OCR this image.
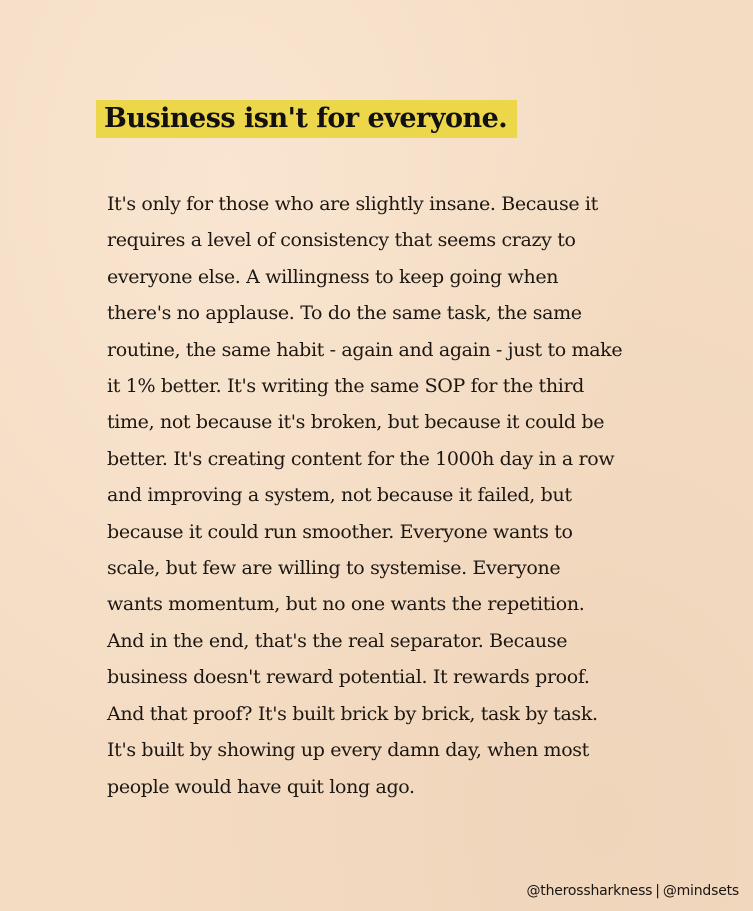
Business isn't for everyone.
It's only for those who are slightly insane. Because it
requires a level of consistency that seems crazy to
everyone else. A willingness to keep going when
there's no applause. To do the same task, the same
routine, the same habit - again and again - just to make
it 1% better. It's writing the same SOP for the third
time, not because it's broken, but because it could be
better. It's creating content for the 1000h day in a row
and improving a system, not because it failed, but
because it could run smoother. Everyone wants to
scale, but few are willing to systemise. Everyone
wants momentum, but no one wants the repetition.
And in the end, that's the real separator. Because
business doesn't reward potential. It rewards proof.
And that proof? It's built brick by brick, task by task.
It's built by showing up every damn day, when most
people would have quit long ago.
@therossharkness | @mindsets
